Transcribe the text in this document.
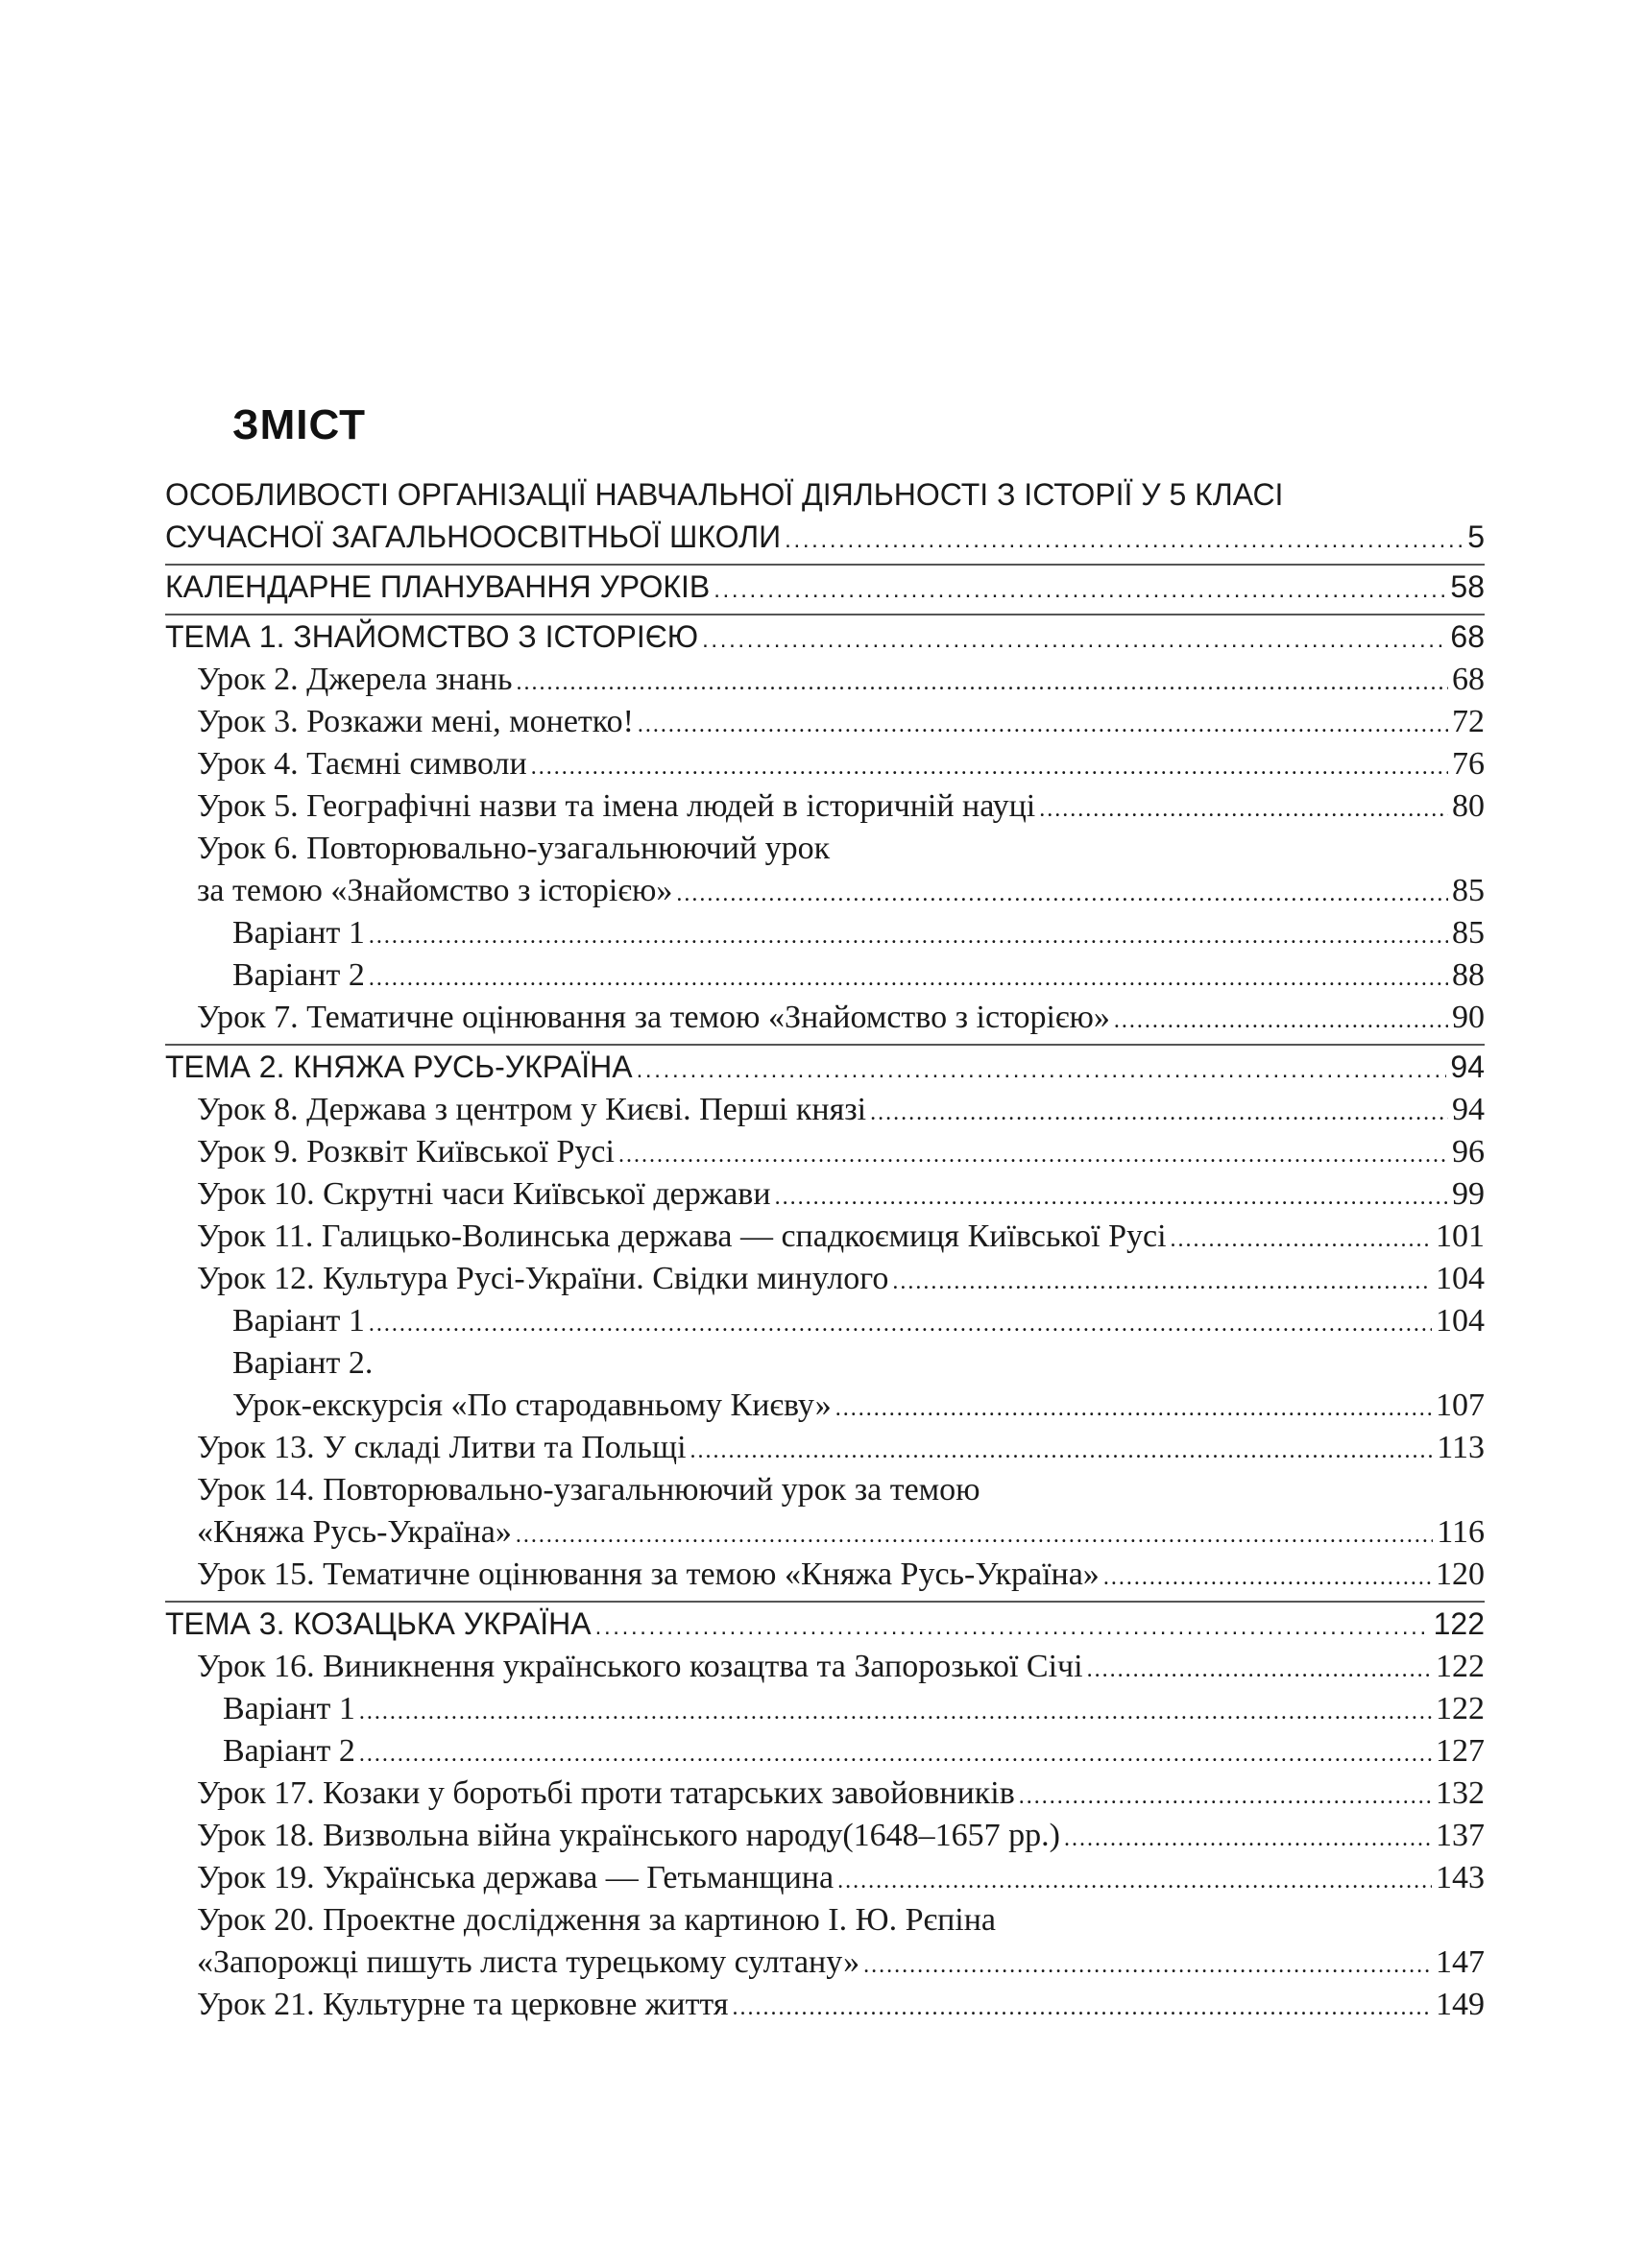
ЗМІСТ
ОСОБЛИВОСТІ ОРГАНІЗАЦІЇ НАВЧАЛЬНОЇ ДІЯЛЬНОСТІ З ІСТОРІЇ У 5 КЛАСІ
СУЧАСНОЇ ЗАГАЛЬНООСВІТНЬОЇ ШКОЛИ . . .	5
КАЛЕНДАРНЕ ПЛАНУВАННЯ УРОКІВ . . .	58
ТЕМА 1. ЗНАЙОМСТВО З ІСТОРІЄЮ . . .	68
Урок 2. Джерела знань . . .	68
Урок 3. Розкажи мені, монетко! . . .	72
Урок 4. Таємні символи . . .	76
Урок 5. Географічні назви та імена людей в історичній науці . . .	80
Урок 6. Повторювально-узагальнюючий урок
за темою «Знайомство з історією» . . .	85
Варіант 1 . . .	85
Варіант 2 . . .	88
Урок 7. Тематичне оцінювання за темою «Знайомство з історією» . . .	90
ТЕМА 2. КНЯЖА РУСЬ-УКРАЇНА . . .	94
Урок 8. Держава з центром у Києві. Перші князі . . .	94
Урок 9. Розквіт Київської Русі . . .	96
Урок 10. Скрутні часи Київської держави . . .	99
Урок 11. Галицько-Волинська держава — спадкоємиця Київської Русі . . .	101
Урок 12. Культура Русі-України. Свідки минулого . . .	104
Варіант 1 . . .	104
Варіант 2.
Урок-екскурсія «По стародавньому Києву» . . .	107
Урок 13. У складі Литви та Польщі . . .	113
Урок 14. Повторювально-узагальнюючий урок за темою
«Княжа Русь-Україна» . . .	116
Урок 15. Тематичне оцінювання за темою «Княжа Русь-Україна» . . .	120
ТЕМА 3. КОЗАЦЬКА УКРАЇНА . . .	122
Урок 16. Виникнення українського козацтва та Запорозької Січі . . .	122
Варіант 1 . . .	122
Варіант 2 . . .	127
Урок 17. Козаки у боротьбі проти татарських завойовників . . .	132
Урок 18. Визвольна війна українського народу(1648–1657 рр.) . . .	137
Урок 19. Українська держава — Гетьманщина . . .	143
Урок 20. Проектне дослідження за картиною І. Ю. Рєпіна
«Запорожці пишуть листа турецькому султану» . . .	147
Урок 21. Культурне та церковне життя . . .	149
